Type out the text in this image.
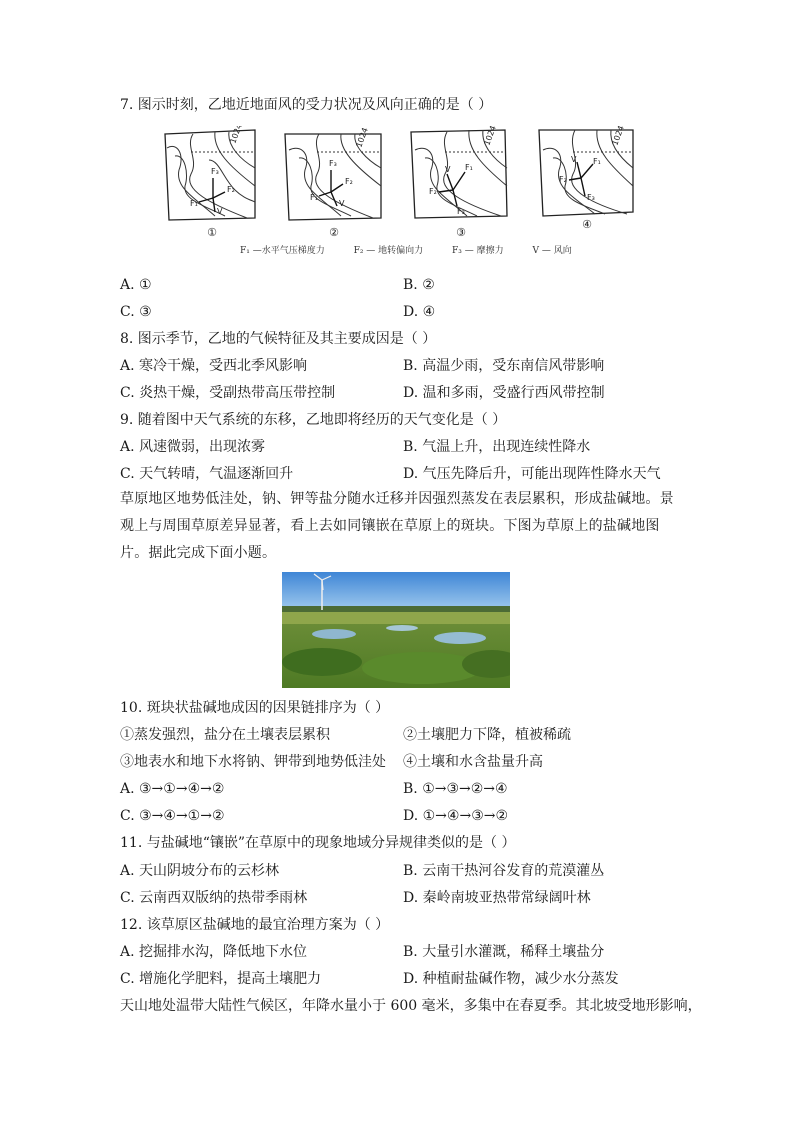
7. 图示时刻，乙地近地面风的受力状况及风向正确的是（ ）
F₃
F₂
F₁
V
1024
①
F₃
F₂
F₁
V
1024
②
F₁
V
F₂
F₃
1024
③
F₁
V
F₂
F₃
1024
④
F₁ —水平气压梯度力	F₂ — 地转偏向力	F₃ — 摩擦力	V — 风向
A. ①	B. ②
C. ③	D. ④
8. 图示季节，乙地的气候特征及其主要成因是（ ）
A. 寒冷干燥，受西北季风影响	B. 高温少雨，受东南信风带影响
C. 炎热干燥，受副热带高压带控制	D. 温和多雨，受盛行西风带控制
9. 随着图中天气系统的东移，乙地即将经历的天气变化是（ ）
A. 风速微弱，出现浓雾	B. 气温上升，出现连续性降水
C. 天气转晴，气温逐渐回升	D. 气压先降后升，可能出现阵性降水天气
草原地区地势低洼处，钠、钾等盐分随水迁移并因强烈蒸发在表层累积，形成盐碱地。景观上与周围草原差异显著，看上去如同镶嵌在草原上的斑块。下图为草原上的盐碱地图片。据此完成下面小题。
10. 斑块状盐碱地成因的因果链排序为（ ）
①蒸发强烈，盐分在土壤表层累积	②土壤肥力下降，植被稀疏
③地表水和地下水将钠、钾带到地势低洼处 ④土壤和水含盐量升高
A. ③→①→④→②	B. ①→③→②→④
C. ③→④→①→②	D. ①→④→③→②
11. 与盐碱地“镶嵌”在草原中的现象地域分异规律类似的是（ ）
A. 天山阴坡分布的云杉林	B. 云南干热河谷发育的荒漠灌丛
C. 云南西双版纳的热带季雨林	D. 秦岭南坡亚热带常绿阔叶林
12. 该草原区盐碱地的最宜治理方案为（ ）
A. 挖掘排水沟，降低地下水位	B. 大量引水灌溉，稀释土壤盐分
C. 增施化学肥料，提高土壤肥力	D. 种植耐盐碱作物，减少水分蒸发
天山地处温带大陆性气候区，年降水量小于 600 毫米，多集中在春夏季。其北坡受地形影响，
